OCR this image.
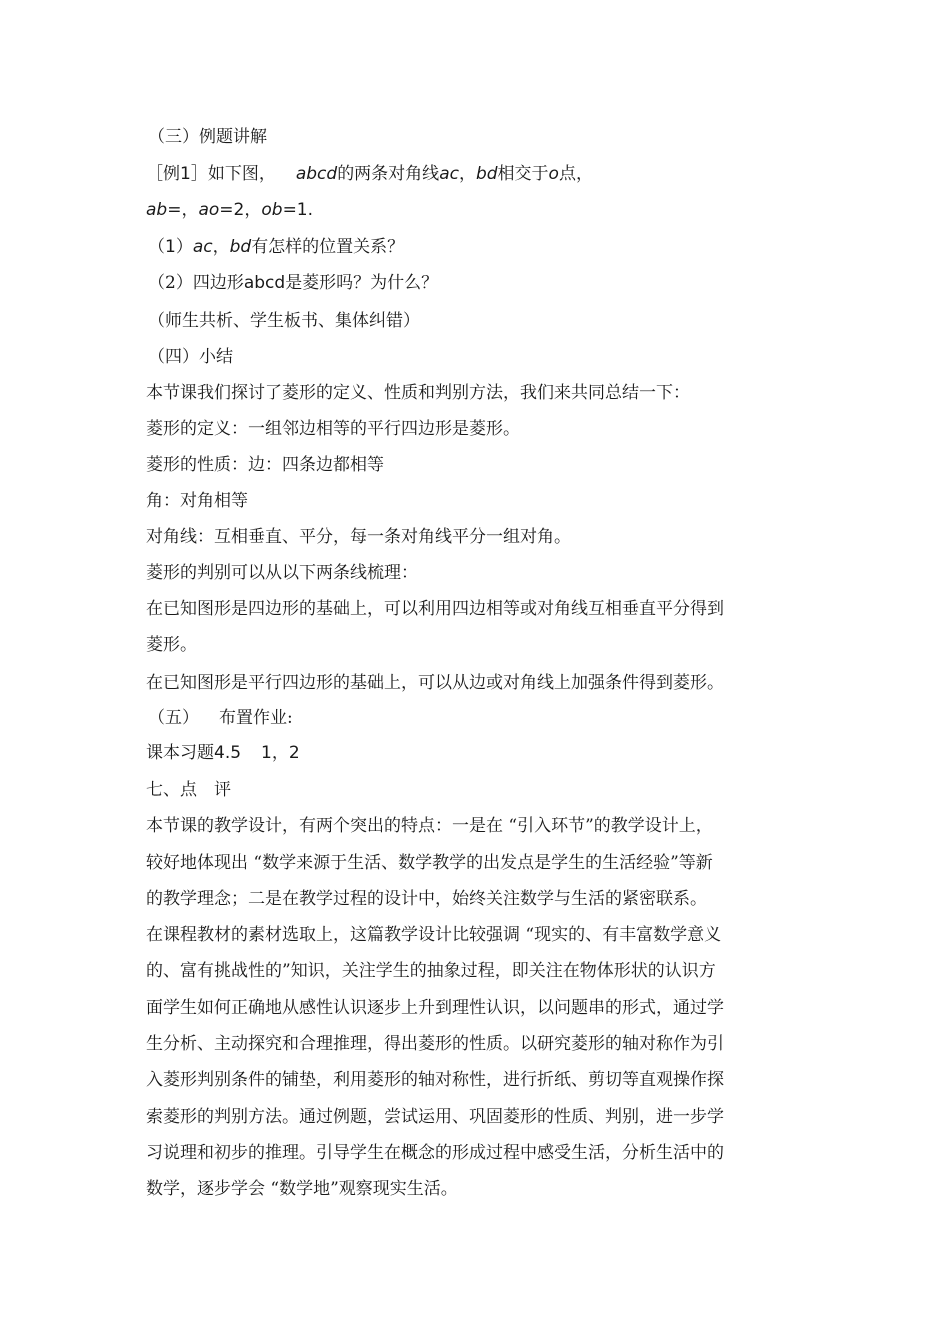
（三）例题讲解
［例1］如下图， abcd的两条对角线ac，bd相交于o点，
ab=，ao=2，ob=1.
（1）ac，bd有怎样的位置关系？
（2）四边形abcd是菱形吗？为什么？
（师生共析、学生板书、集体纠错）
（四）小结
本节课我们探讨了菱形的定义、性质和判别方法，我们来共同总结一下：
菱形的定义：一组邻边相等的平行四边形是菱形。
菱形的性质：边：四条边都相等
角：对角相等
对角线：互相垂直、平分，每一条对角线平分一组对角。
菱形的判别可以从以下两条线梳理：
在已知图形是四边形的基础上，可以利用四边相等或对角线互相垂直平分得到
菱形。
在已知图形是平行四边形的基础上，可以从边或对角线上加强条件得到菱形。
（五） 布置作业:
课本习题4.5 1，2
七、点　评
本节课的教学设计，有两个突出的特点：一是在 “引入环节”的教学设计上，
较好地体现出 “数学来源于生活、数学教学的出发点是学生的生活经验”等新
的教学理念；二是在教学过程的设计中，始终关注数学与生活的紧密联系。
在课程教材的素材选取上，这篇教学设计比较强调 “现实的、有丰富数学意义
的、富有挑战性的”知识，关注学生的抽象过程，即关注在物体形状的认识方
面学生如何正确地从感性认识逐步上升到理性认识，以问题串的形式，通过学
生分析、主动探究和合理推理，得出菱形的性质。以研究菱形的轴对称作为引
入菱形判别条件的铺垫，利用菱形的轴对称性，进行折纸、剪切等直观操作探
索菱形的判别方法。通过例题，尝试运用、巩固菱形的性质、判别，进一步学
习说理和初步的推理。引导学生在概念的形成过程中感受生活，分析生活中的
数学，逐步学会 “数学地”观察现实生活。
